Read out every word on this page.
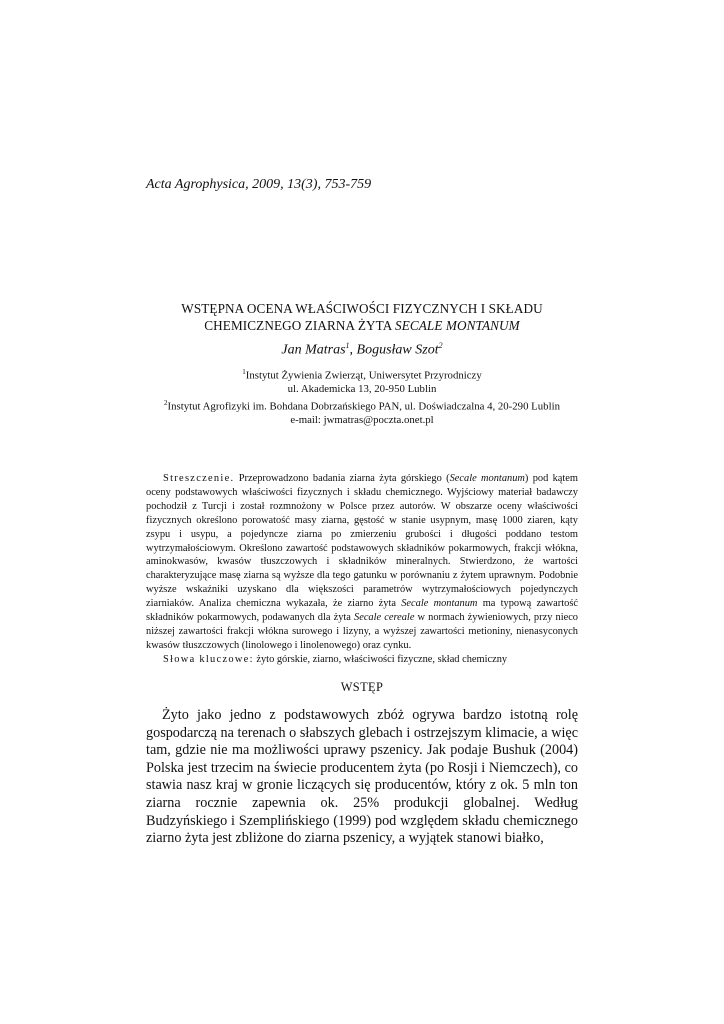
Acta Agrophysica, 2009, 13(3), 753-759
WSTĘPNA OCENA WŁAŚCIWOŚCI FIZYCZNYCH I SKŁADU
CHEMICZNEGO ZIARNA ŻYTA SECALE MONTANUM
Jan Matras$^1$, Bogusław Szot$^2$
$^1$Instytut Żywienia Zwierząt, Uniwersytet Przyrodniczy
ul. Akademicka 13, 20-950 Lublin
$^2$Instytut Agrofizyki im. Bohdana Dobrzańskiego PAN, ul. Doświadczalna 4, 20-290 Lublin
e-mail: jwmatras@poczta.onet.pl

Streszczenie. Przeprowadzono badania ziarna żyta górskiego (Secale montanum) pod kątem oceny podstawowych właściwości fizycznych i składu chemicznego. Wyjściowy materiał badawczy pochodził z Turcji i został rozmnożony w Polsce przez autorów. W obszarze oceny właściwości fizycznych określono porowatość masy ziarna, gęstość w stanie usypnym, masę 1000 ziaren, kąty zsypu i usypu, a pojedyncze ziarna po zmierzeniu grubości i długości poddano testom wytrzymałościowym. Określono zawartość podstawowych składników pokarmowych, frakcji włókna, aminokwasów, kwasów tłuszczowych i składników mineralnych. Stwierdzono, że wartości charakteryzujące masę ziarna są wyższe dla tego gatunku w porównaniu z żytem uprawnym. Podobnie wyższe wskaźniki uzyskano dla większości parametrów wytrzymałościowych pojedynczych ziarniaków. Analiza chemiczna wykazała, że ziarno żyta Secale montanum ma typową zawartość składników pokarmowych, podawanych dla żyta Secale cereale w normach żywieniowych, przy nieco niższej zawartości frakcji włókna surowego i lizyny, a wyższej zawartości metioniny, nienasyconych kwasów tłuszczowych (linolowego i linolenowego) oraz cynku.

Słowa kluczowe: żyto górskie, ziarno, właściwości fizyczne, skład chemiczny

WSTĘP

Żyto jako jedno z podstawowych zbóż ogrywa bardzo istotną rolę gospodarczą na terenach o słabszych glebach i ostrzejszym klimacie, a więc tam, gdzie nie ma możliwości uprawy pszenicy. Jak podaje Bushuk (2004) Polska jest trzecim na świecie producentem żyta (po Rosji i Niemczech), co stawia nasz kraj w gronie liczących się producentów, który z ok. 5 mln ton ziarna rocznie zapewnia ok. 25% produkcji globalnej. Według Budzyńskiego i Szemplińskiego (1999) pod względem składu chemicznego ziarno żyta jest zbliżone do ziarna pszenicy, a wyjątek stanowi białko,
